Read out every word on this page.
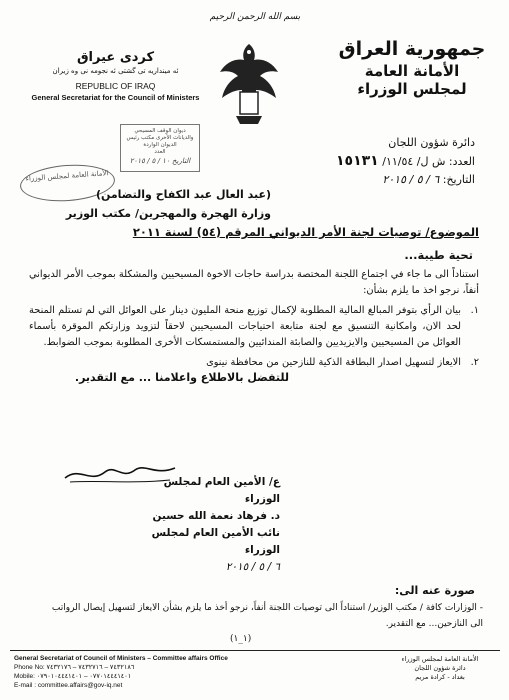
بسم الله الرحمن الرحيم
جمهورية العراق
الأمانة العامة لمجلس الوزراء
كردى عيراق
ئه مينداريه تى گشتى ئه نجومه نى وه زيران
REPUBLIC OF IRAQ
General Secretariat for the Council of Ministers
دائرة شؤون اللجان
العدد: ش ل/ ١١/٥٤/ ١٥١٣١
التاريخ: ٦ / ٥ / ٢٠١٥
ديوان الوقف المسيحي والديانات الأخرى مكتب رئيس الديوان الواردة
العدد
التاريخ ١٠ / ٥ / ٢٠١٥
الأمانة العامة لمجلس الوزراء
(عبد العال عبد الكفاح والتضامن)
وزارة الهجرة والمهجرين/ مكتب الوزير
الموضوع/ توصيات لجنة الأمر الديواني المرقم (٥٤) لسنة ٢٠١١
تحية طيبة...

استناداً الى ما جاء في اجتماع اللجنة المختصة بدراسة حاجات الاخوة المسيحيين والمشكلة بموجب الأمر الديواني أنفاً، نرجو اخذ ما يلزم بشأن:

١.
بيان الرأي بتوفر المبالغ المالية المطلوبة لإكمال توزيع منحة المليون دينار على العوائل التي لم تستلم المنحة لحد الان، وامكانية التنسيق مع لجنة متابعة احتياجات المسيحيين لاحقاً لتزويد وزارتكم الموقرة بأسماء العوائل من المسيحيين والايزيديين والصابئة المندائيين والمستمسكات الأخرى المطلوبة بموجب الضوابط.
٢.
الايعاز لتسهيل اصدار البطاقة الذكية للنازحين من محافظة نينوى
للتفضل بالاطلاع واعلامنا ... مع التقدير.
ع/ الأمين العام لمجلس الوزراء
د. فرهاد نعمة الله حسين
نائب الأمين العام لمجلس الوزراء
٦ / ٥ / ٢٠١٥
صورة عنه الى:
- الوزارات كافة / مكتب الوزير/ استناداً الى توصيات اللجنة أنفاً، نرجو أخذ ما يلزم بشأن الايعاز لتسهيل إيصال الرواتب
الى النازحين... مع التقدير.
(١_١)
General Secretariat of Council of Ministers – Committee affairs Office
Phone No: ٧٤٣٢١٨٦ – ٧٤٣٢٧١٦ – ٧٤٣٢١٧٦
Mobile: ٠٧٧٠١٤٤٤١٤٠١ – ٠٧٩٠١٠٤٤٤١٤٠١
E-mail : committee.affairs@gov-iq.net
الأمانة العامة لمجلس الوزراء
دائرة شؤون اللجان
بغداد - كرادة مريم
